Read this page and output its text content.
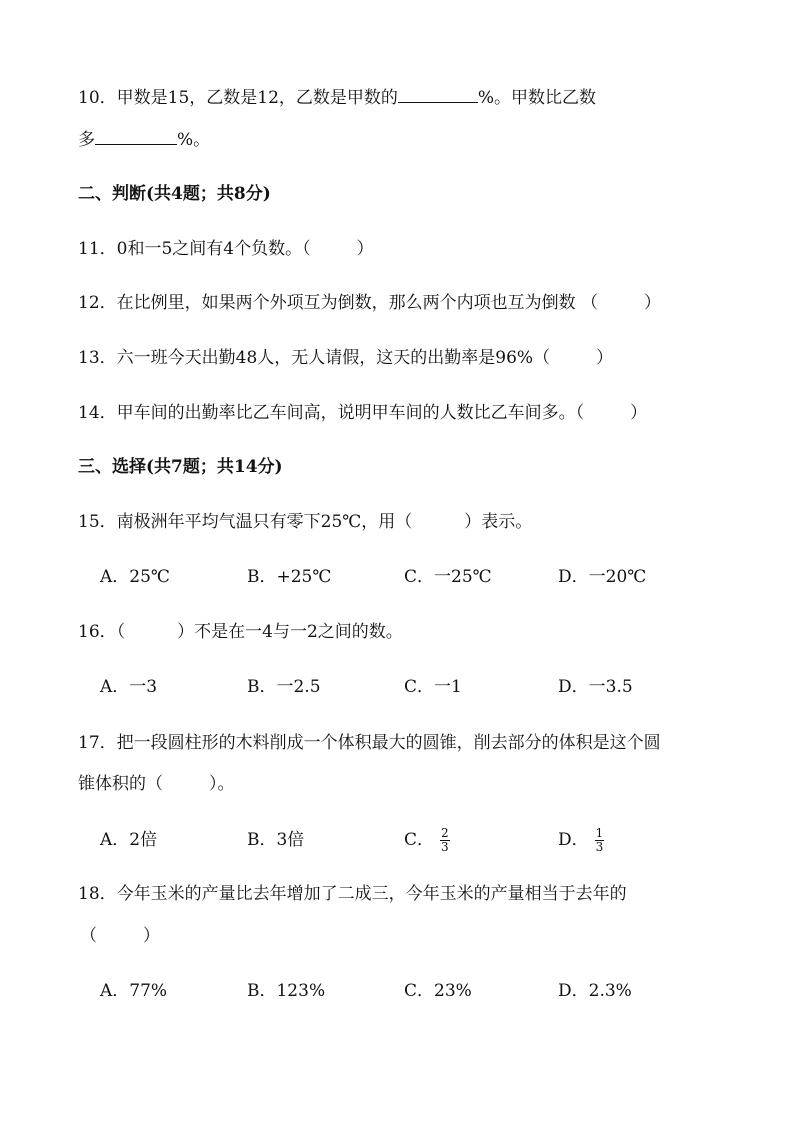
10．甲数是15，乙数是12，乙数是甲数的	%。甲数比乙数
多	%。
二、判断(共4题；共8分)
11．0和一5之间有4个负数。（	）
12．在比例里，如果两个外项互为倒数，那么两个内项也互为倒数 （	）
13．六一班今天出勤48人，无人请假，这天的出勤率是96%（	）
14．甲车间的出勤率比乙车间高，说明甲车间的人数比乙车间多。（	）
三、选择(共7题；共14分)
15．南极洲年平均气温只有零下25℃，用（	）表示。
A．25℃	B．+25℃	C．一25℃	D．一20℃
16．（	）不是在一4与一2之间的数。
A．一3	B．一2.5	C．一1	D．一3.5
17．把一段圆柱形的木料削成一个体积最大的圆锥，削去部分的体积是这个圆
锥体积的（	）。
A．2倍	B．3倍	C． $\frac{2}{3}$	D． $\frac{1}{3}$
18．今年玉米的产量比去年增加了二成三，今年玉米的产量相当于去年的
（	）
A．77%	B．123%	C．23%	D．2.3%
